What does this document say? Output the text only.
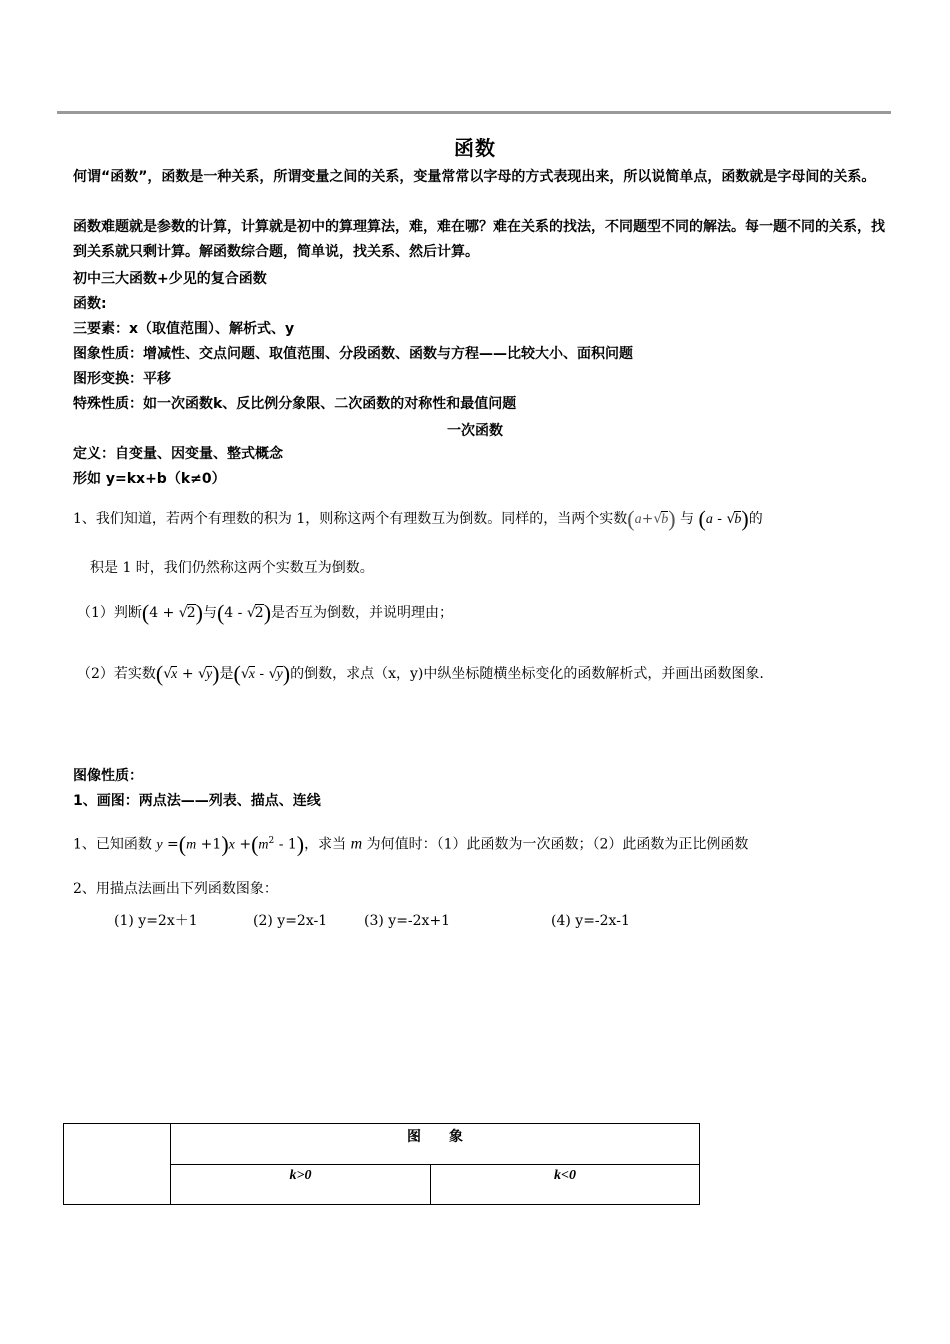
函数
何谓“函数”，函数是一种关系，所谓变量之间的关系，变量常常以字母的方式表现出来，所以说简单点，函数就是字母间的关系。
函数难题就是参数的计算，计算就是初中的算理算法，难，难在哪？难在关系的找法，不同题型不同的解法。每一题不同的关系，找到关系就只剩计算。解函数综合题，简单说，找关系、然后计算。
初中三大函数+少见的复合函数
函数:
三要素：x（取值范围）、解析式、y
图象性质：增减性、交点问题、取值范围、分段函数、函数与方程——比较大小、面积问题
图形变换：平移
特殊性质：如一次函数k、反比例分象限、二次函数的对称性和最值问题
一次函数
定义：自变量、因变量、整式概念
形如 y=kx+b（k≠0）
1、我们知道，若两个有理数的积为 1，则称这两个有理数互为倒数。同样的，当两个实数(a+√b) 与 (a - √b)的
积是 1 时，我们仍然称这两个实数互为倒数。
（1）判断(4 + √2)与(4 - √2)是否互为倒数，并说明理由；
（2）若实数(√x + √y)是(√x - √y)的倒数，求点（x，y)中纵坐标随横坐标变化的函数解析式，并画出函数图象.
图像性质：
1、画图：两点法——列表、描点、连线
1、已知函数 $y =(m +1)x +(m^2 - 1)$，求当 m 为何值时：（1）此函数为一次函数；（2）此函数为正比例函数
2、用描点法画出下列函数图象：
(1) y=2x＋1	(2) y=2x-1	(3) y=-2x+1	(4) y=-2x-1
	图　　象	
	k>0	k<0
